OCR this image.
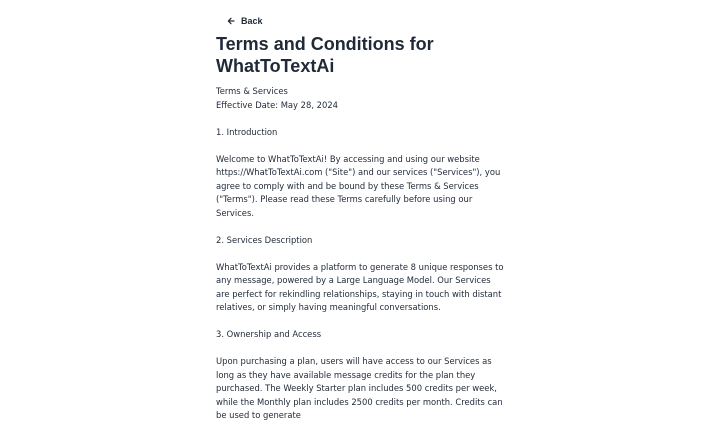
Back
Terms and Conditions for WhatToTextAi

Terms & Services
Effective Date: May 28, 2024

1. Introduction

Welcome to WhatToTextAi! By accessing and using our website https://WhatToTextAi.com ("Site") and our services ("Services"), you agree to comply with and be bound by these Terms & Services ("Terms"). Please read these Terms carefully before using our Services.

2. Services Description

WhatToTextAi provides a platform to generate 8 unique responses to any message, powered by a Large Language Model. Our Services are perfect for rekindling relationships, staying in touch with distant relatives, or simply having meaningful conversations.

3. Ownership and Access

Upon purchasing a plan, users will have access to our Services as long as they have available message credits for the plan they purchased. The Weekly Starter plan includes 500 credits per week, while the Monthly plan includes 2500 credits per month. Credits can be used to generate
